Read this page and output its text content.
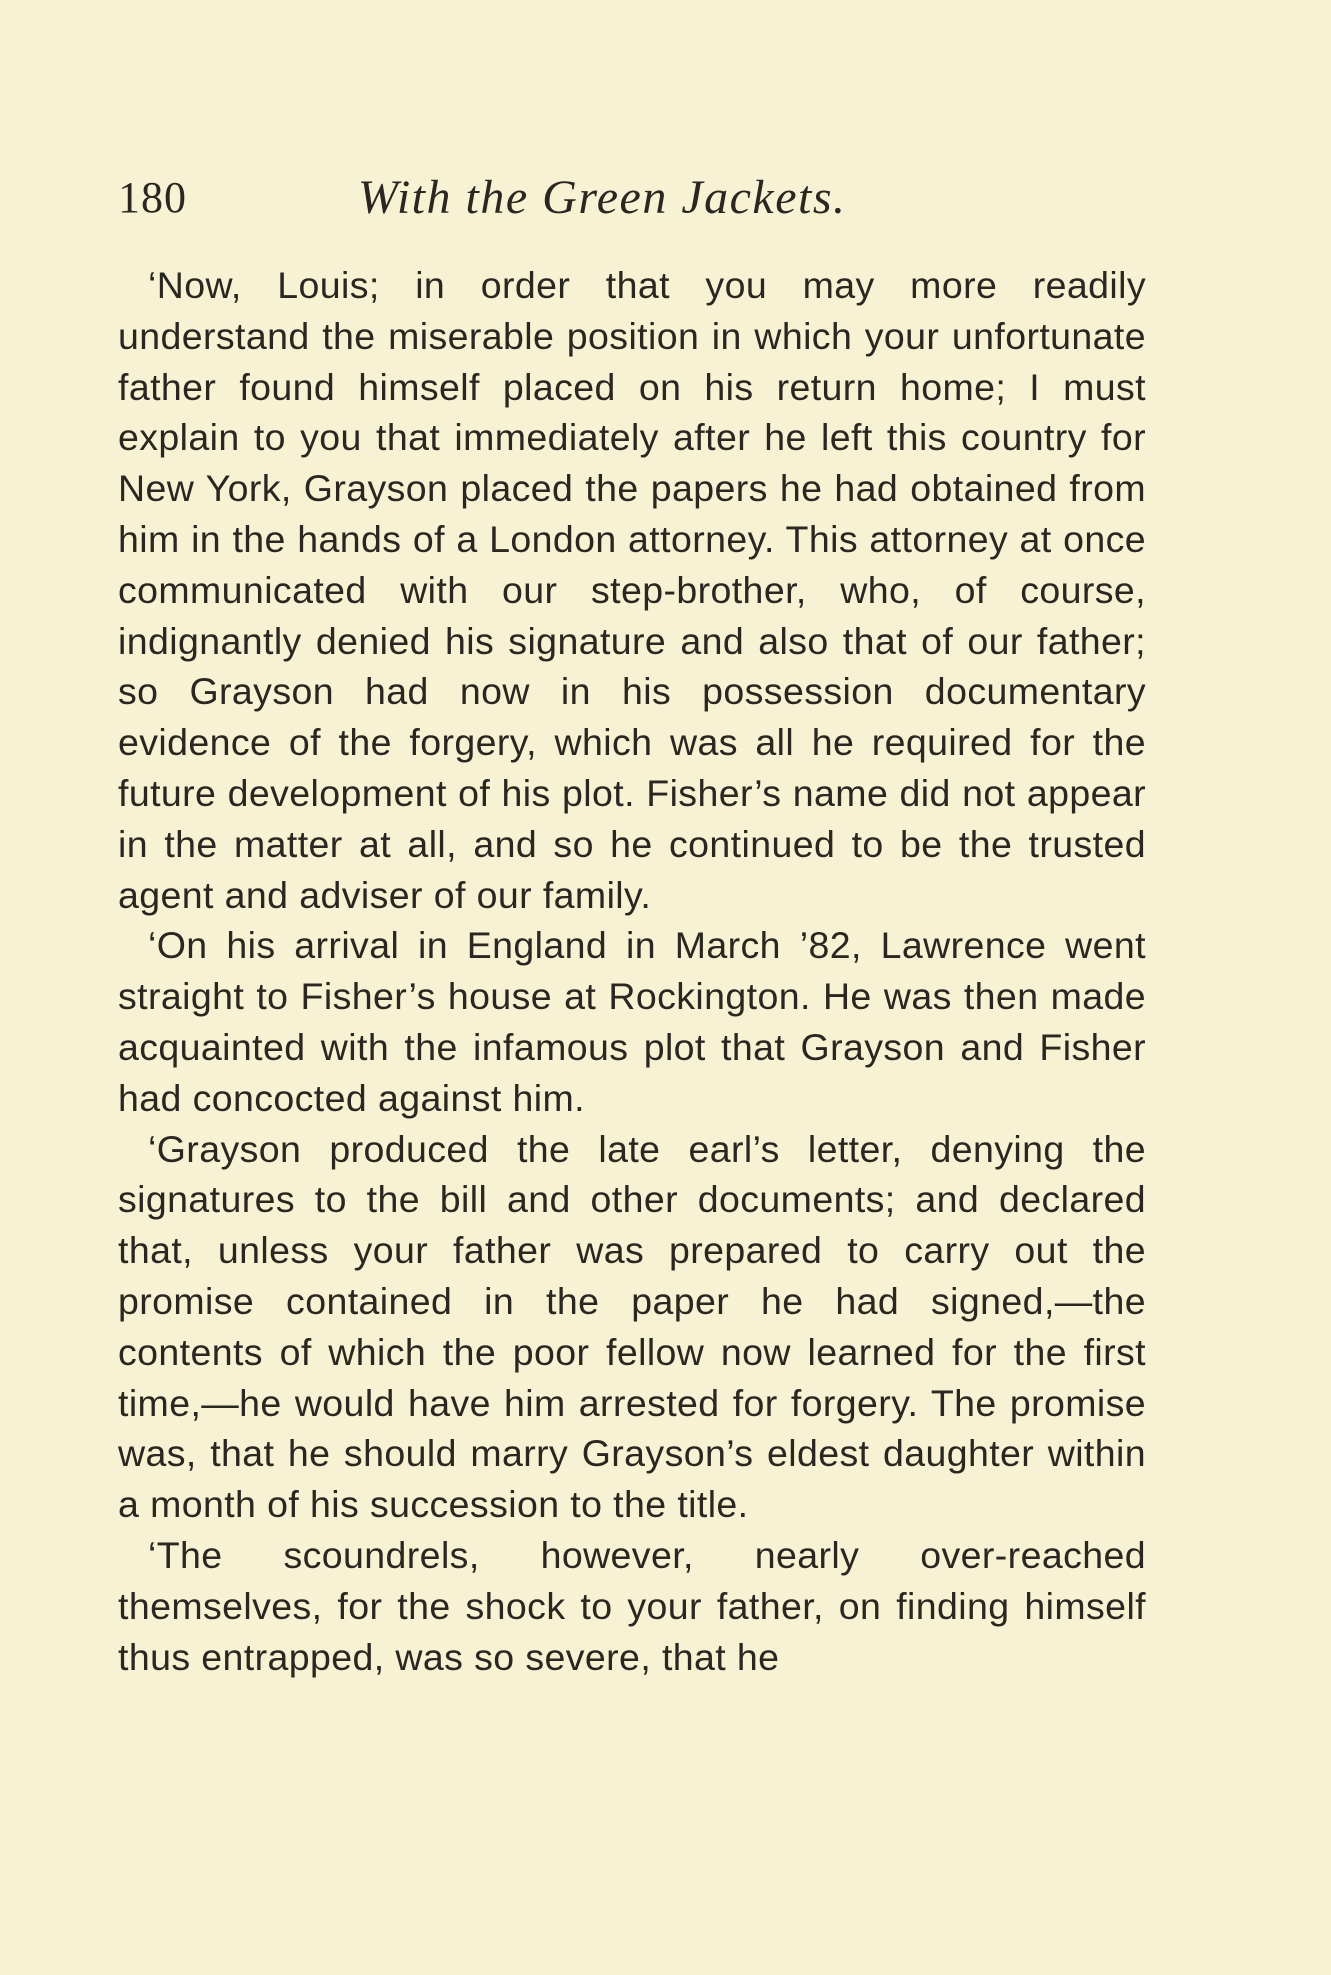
180	With the Green Jackets.

‘Now, Louis; in order that you may more readily understand the miserable position in which your unfortunate father found himself placed on his return home; I must explain to you that immediately after he left this country for New York, Grayson placed the papers he had obtained from him in the hands of a London attorney. This attorney at once communicated with our step-brother, who, of course, indignantly denied his signature and also that of our father; so Grayson had now in his possession documentary evidence of the forgery, which was all he required for the future development of his plot. Fisher’s name did not appear in the matter at all, and so he continued to be the trusted agent and adviser of our family.

‘On his arrival in England in March ’82, Lawrence went straight to Fisher’s house at Rockington. He was then made acquainted with the infamous plot that Grayson and Fisher had concocted against him.

‘Grayson produced the late earl’s letter, denying the signatures to the bill and other documents; and declared that, unless your father was prepared to carry out the promise contained in the paper he had signed,—the contents of which the poor fellow now learned for the first time,—he would have him arrested for forgery. The promise was, that he should marry Grayson’s eldest daughter within a month of his succession to the title.

‘The scoundrels, however, nearly over-reached themselves, for the shock to your father, on finding himself thus entrapped, was so severe, that he
